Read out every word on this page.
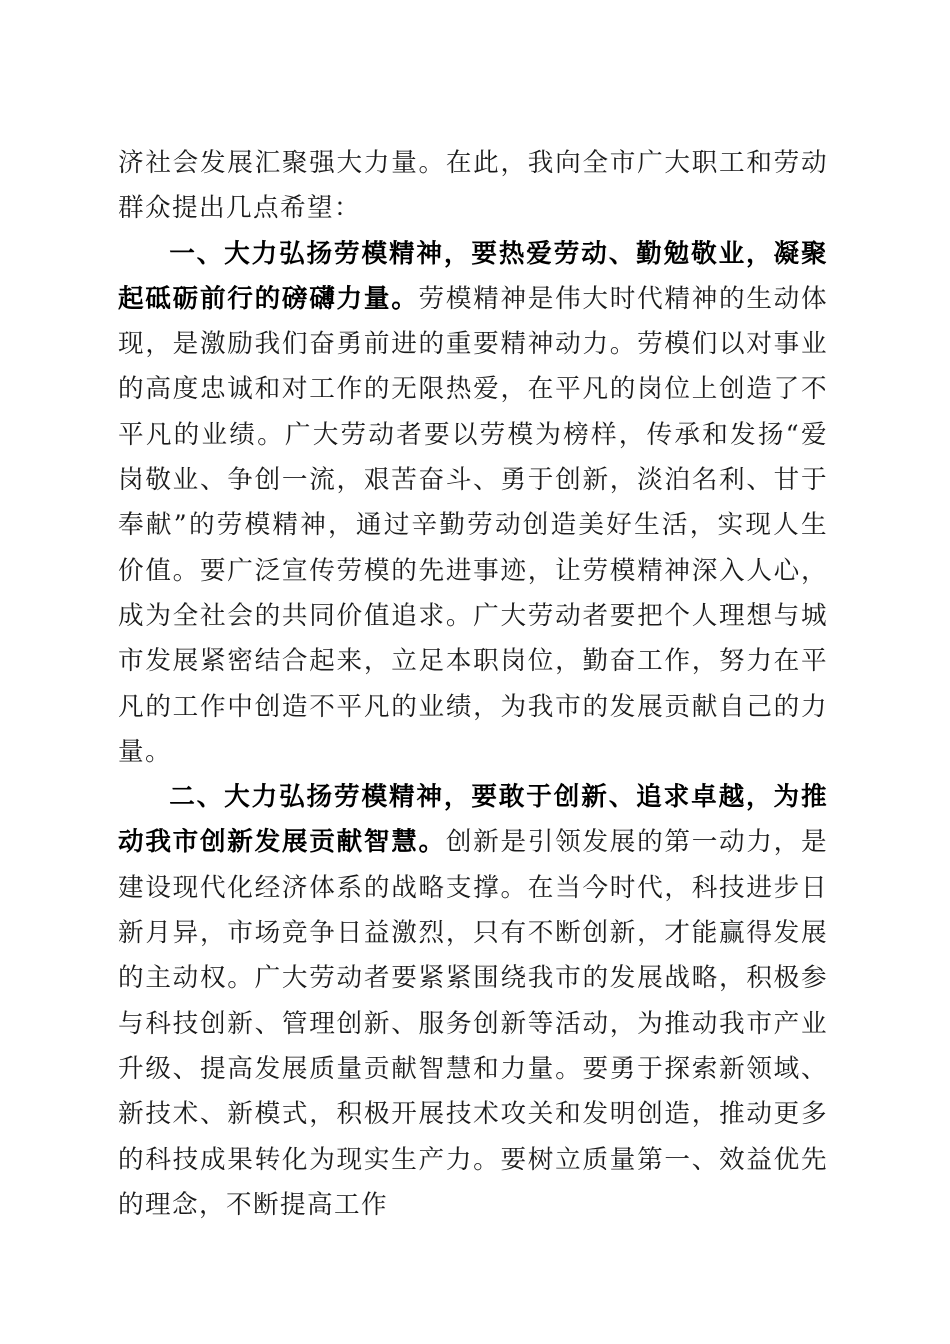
济社会发展汇聚强大力量。在此，我向全市广大职工和劳动群众提出几点希望：

一、大力弘扬劳模精神，要热爱劳动、勤勉敬业，凝聚起砥砺前行的磅礴力量。劳模精神是伟大时代精神的生动体现，是激励我们奋勇前进的重要精神动力。劳模们以对事业的高度忠诚和对工作的无限热爱，在平凡的岗位上创造了不平凡的业绩。广大劳动者要以劳模为榜样，传承和发扬“爱岗敬业、争创一流，艰苦奋斗、勇于创新，淡泊名利、甘于奉献”的劳模精神，通过辛勤劳动创造美好生活，实现人生价值。要广泛宣传劳模的先进事迹，让劳模精神深入人心，成为全社会的共同价值追求。广大劳动者要把个人理想与城市发展紧密结合起来，立足本职岗位，勤奋工作，努力在平凡的工作中创造不平凡的业绩，为我市的发展贡献自己的力量。

二、大力弘扬劳模精神，要敢于创新、追求卓越，为推动我市创新发展贡献智慧。创新是引领发展的第一动力，是建设现代化经济体系的战略支撑。在当今时代，科技进步日新月异，市场竞争日益激烈，只有不断创新，才能赢得发展的主动权。广大劳动者要紧紧围绕我市的发展战略，积极参与科技创新、管理创新、服务创新等活动，为推动我市产业升级、提高发展质量贡献智慧和力量。要勇于探索新领域、新技术、新模式，积极开展技术攻关和发明创造，推动更多的科技成果转化为现实生产力。要树立质量第一、效益优先的理念，不断提高工作
